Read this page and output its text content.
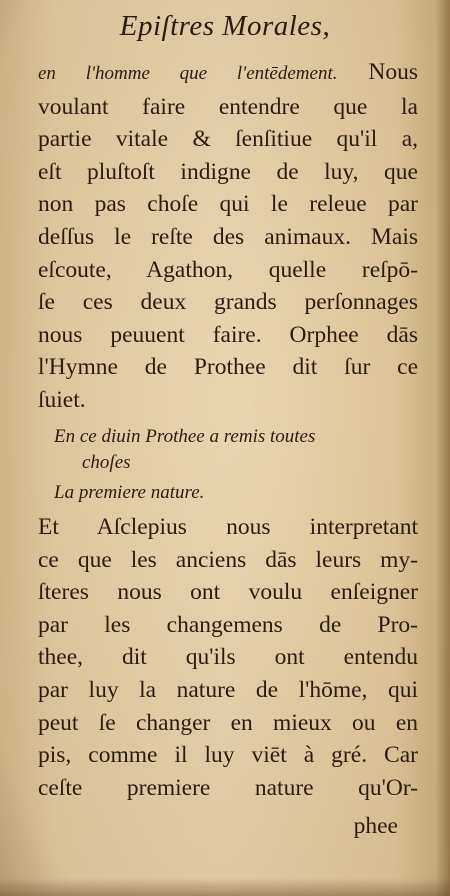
Epiſtres Morales,
en l'homme que l'entēdement. Nous
voulant faire entendre que la
partie vitale & ſenſitiue qu'il a,
eſt pluſtoſt indigne de luy, que
non pas choſe qui le releue par
deſſus le reſte des animaux. Mais
eſcoute, Agathon, quelle reſpō-
ſe ces deux grands perſonnages
nous peuuent faire. Orphee dās
l'Hymne de Prothee dit ſur ce
ſuiet.
En ce diuin Prothee a remis toutes
choſes
La premiere nature.
Et Aſclepius nous interpretant
ce que les anciens dās leurs my-
ſteres nous ont voulu enſeigner
par les changemens de Pro-
thee, dit qu'ils ont entendu
par luy la nature de l'hōme, qui
peut ſe changer en mieux ou en
pis, comme il luy viēt à gré. Car
ceſte premiere nature qu'Or-
phee
